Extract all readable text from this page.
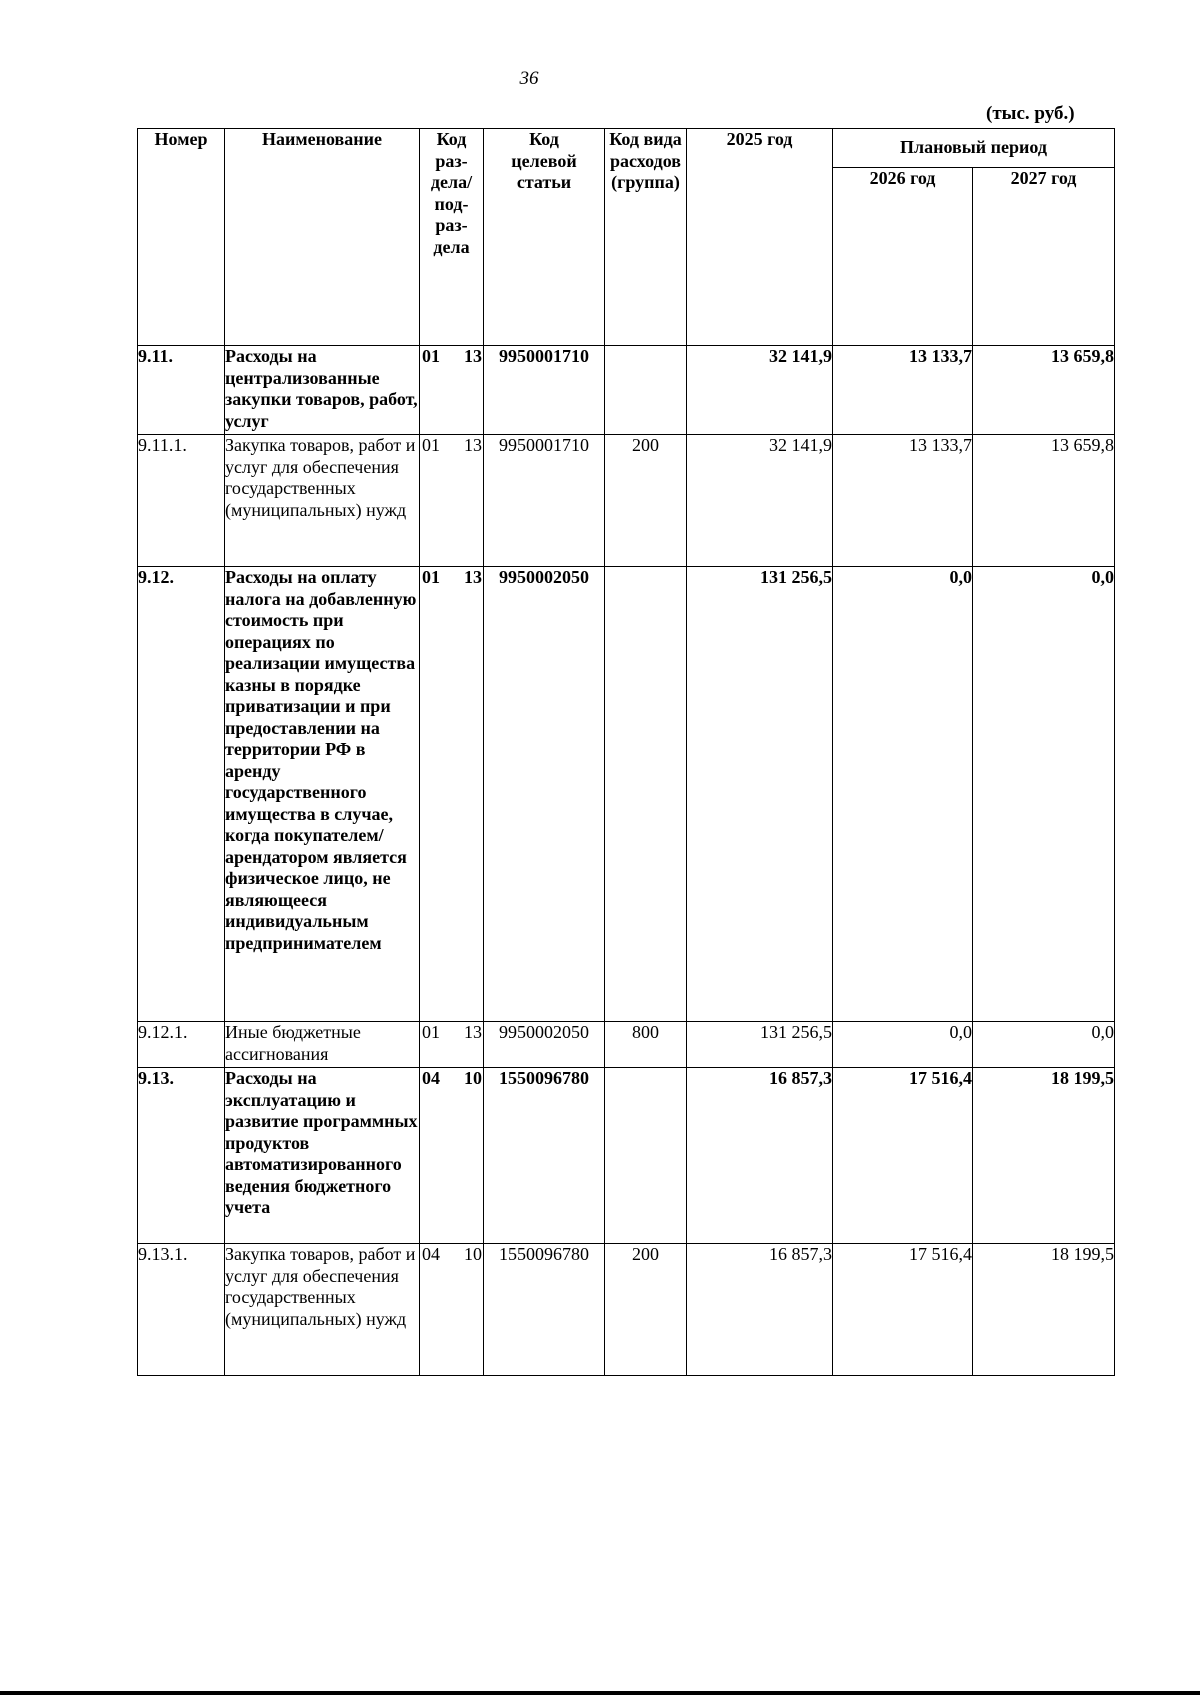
36
(тыс. руб.)
Номер	Наименование	Код раз-дела/ под-раз-дела	Код целевой статьи	Код вида расходов (группа)	2025 год	Плановый период	
						2026 год	2027 год
9.11.	Расходы на централизованные закупки товаров, работ, услуг	01 13	9950001710		32 141,9	13 133,7	13 659,8
9.11.1.	Закупка товаров, работ и услуг для обеспечения государственных (муниципальных) нужд	01 13	9950001710	200	32 141,9	13 133,7	13 659,8
9.12.	Расходы на оплату налога на добавленную стоимость при операциях по реализации имущества казны в порядке приватизации и при предоставлении на территории РФ в аренду государственного имущества в случае, когда покупателем/арендатором является физическое лицо, не являющееся индивидуальным предпринимателем	01 13	9950002050		131 256,5	0,0	0,0
9.12.1.	Иные бюджетные ассигнования	01 13	9950002050	800	131 256,5	0,0	0,0
9.13.	Расходы на эксплуатацию и развитие программных продуктов автоматизированного ведения бюджетного учета	04 10	1550096780		16 857,3	17 516,4	18 199,5
9.13.1.	Закупка товаров, работ и услуг для обеспечения государственных (муниципальных) нужд	04 10	1550096780	200	16 857,3	17 516,4	18 199,5
